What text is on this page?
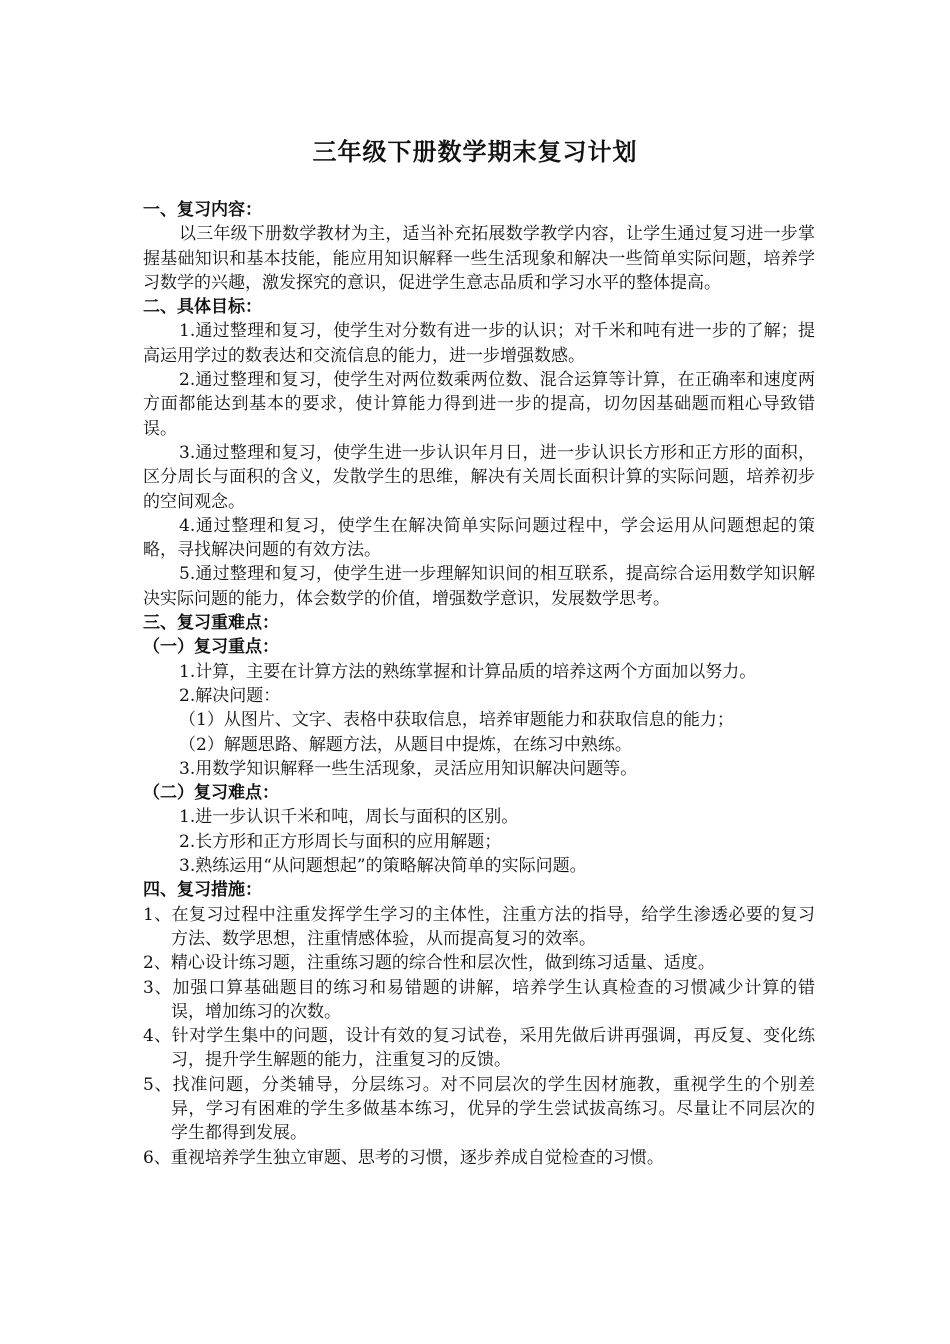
三年级下册数学期末复习计划
一、复习内容：
以三年级下册数学教材为主，适当补充拓展数学教学内容，让学生通过复习进一步掌握基础知识和基本技能，能应用知识解释一些生活现象和解决一些简单实际问题，培养学习数学的兴趣，激发探究的意识，促进学生意志品质和学习水平的整体提高。
二、具体目标：
1.通过整理和复习，使学生对分数有进一步的认识；对千米和吨有进一步的了解；提高运用学过的数表达和交流信息的能力，进一步增强数感。
2.通过整理和复习，使学生对两位数乘两位数、混合运算等计算，在正确率和速度两方面都能达到基本的要求，使计算能力得到进一步的提高，切勿因基础题而粗心导致错误。
3.通过整理和复习，使学生进一步认识年月日，进一步认识长方形和正方形的面积，区分周长与面积的含义，发散学生的思维，解决有关周长面积计算的实际问题，培养初步的空间观念。
4.通过整理和复习，使学生在解决简单实际问题过程中，学会运用从问题想起的策略，寻找解决问题的有效方法。
5.通过整理和复习，使学生进一步理解知识间的相互联系，提高综合运用数学知识解决实际问题的能力，体会数学的价值，增强数学意识，发展数学思考。
三、复习重难点：
（一）复习重点：
1.计算，主要在计算方法的熟练掌握和计算品质的培养这两个方面加以努力。
2.解决问题：
（1）从图片、文字、表格中获取信息，培养审题能力和获取信息的能力；
（2）解题思路、解题方法，从题目中提炼，在练习中熟练。
3.用数学知识解释一些生活现象，灵活应用知识解决问题等。
（二）复习难点：
1.进一步认识千米和吨，周长与面积的区别。
2.长方形和正方形周长与面积的应用解题；
3.熟练运用“从问题想起”的策略解决简单的实际问题。
四、复习措施：
1、在复习过程中注重发挥学生学习的主体性，注重方法的指导，给学生渗透必要的复习方法、数学思想，注重情感体验，从而提高复习的效率。
2、精心设计练习题，注重练习题的综合性和层次性，做到练习适量、适度。
3、加强口算基础题目的练习和易错题的讲解，培养学生认真检查的习惯减少计算的错误，增加练习的次数。
4、针对学生集中的问题，设计有效的复习试卷，采用先做后讲再强调，再反复、变化练习，提升学生解题的能力，注重复习的反馈。
5、找准问题，分类辅导，分层练习。对不同层次的学生因材施教，重视学生的个别差异，学习有困难的学生多做基本练习，优异的学生尝试拔高练习。尽量让不同层次的学生都得到发展。
6、重视培养学生独立审题、思考的习惯，逐步养成自觉检查的习惯。
